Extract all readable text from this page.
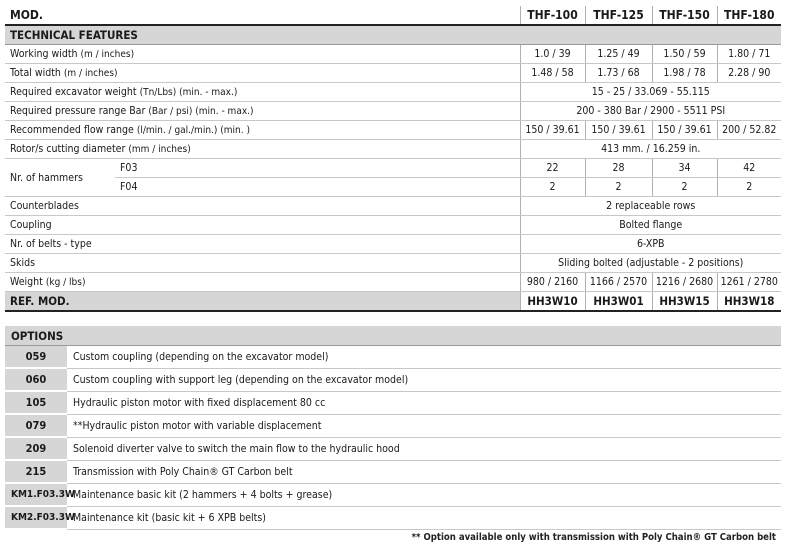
MOD.		THF-100	THF-125	THF-150	THF-180
TECHNICAL FEATURES					
Working width (m / inches)		1.0 / 39	1.25 / 49	1.50 / 59	1.80 / 71
Total width (m / inches)		1.48 / 58	1.73 / 68	1.98 / 78	2.28 / 90
Required excavator weight (Tn/Lbs) (min. - max.)		15 - 25 / 33.069 - 55.115			
Required pressure range Bar (Bar / psi) (min. - max.)		200 - 380 Bar / 2900 - 5511 PSI			
Recommended flow range (l/min. / gal./min.) (min. )		150 / 39.61	150 / 39.61	150 / 39.61	200 / 52.82
Rotor/s cutting diameter (mm / inches)		413 mm. / 16.259 in.			
Nr. of hammers	F03	22	28	34	42
	F04	2	2	2	2
Counterblades		2 replaceable rows			
Coupling		Bolted flange			
Nr. of belts - type		6-XPB			
Skids		Sliding bolted (adjustable - 2 positions)			
Weight (kg / lbs)		980 / 2160	1166 / 2570	1216 / 2680	1261 / 2780
REF. MOD.		HH3W10	HH3W01	HH3W15	HH3W18
OPTIONS	
059	Custom coupling (depending on the excavator model)
060	Custom coupling with support leg (depending on the excavator model)
105	Hydraulic piston motor with fixed displacement 80 cc
079	**Hydraulic piston motor with variable displacement
209	Solenoid diverter valve to switch the main flow to the hydraulic hood
215	Transmission with Poly Chain® GT Carbon belt
KM1.F03.3W	Maintenance basic kit (2 hammers + 4 bolts + grease)
KM2.F03.3W	Maintenance kit (basic kit + 6 XPB belts)
** Option available only with transmission with Poly Chain® GT Carbon belt
